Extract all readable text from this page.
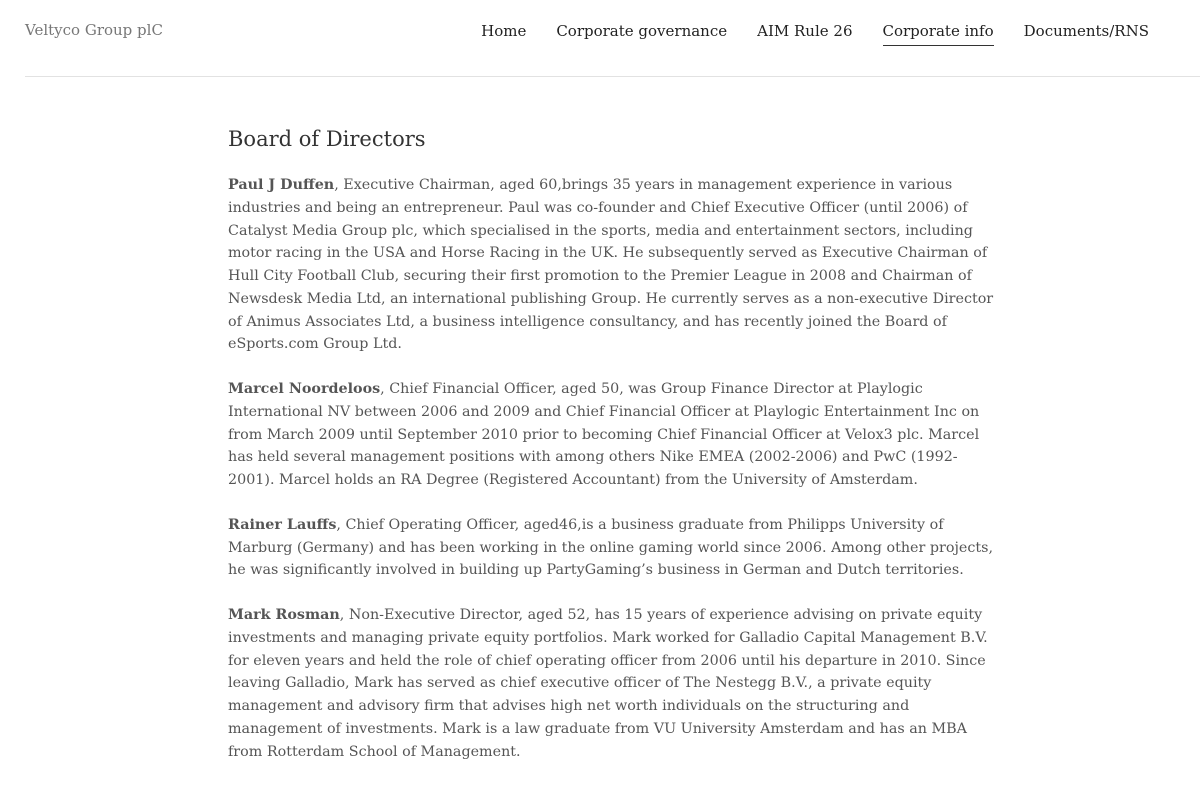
Veltyco Group plC	Home Corporate governance AIM Rule 26 Corporate info Documents/RNS
Board of Directors

Paul J Duffen, Executive Chairman, aged 60,brings 35 years in management experience in various industries and being an entrepreneur. Paul was co-founder and Chief Executive Officer (until 2006) of Catalyst Media Group plc, which specialised in the sports, media and entertainment sectors, including motor racing in the USA and Horse Racing in the UK. He subsequently served as Executive Chairman of Hull City Football Club, securing their first promotion to the Premier League in 2008 and Chairman of Newsdesk Media Ltd, an international publishing Group. He currently serves as a non-executive Director of Animus Associates Ltd, a business intelligence consultancy, and has recently joined the Board of eSports.com Group Ltd.

Marcel Noordeloos, Chief Financial Officer, aged 50, was Group Finance Director at Playlogic International NV between 2006 and 2009 and Chief Financial Officer at Playlogic Entertainment Inc on from March 2009 until September 2010 prior to becoming Chief Financial Officer at Velox3 plc. Marcel has held several management positions with among others Nike EMEA (2002-2006) and PwC (1992-2001). Marcel holds an RA Degree (Registered Accountant) from the University of Amsterdam.

Rainer Lauffs, Chief Operating Officer, aged46,is a business graduate from Philipps University of Marburg (Germany) and has been working in the online gaming world since 2006. Among other projects, he was significantly involved in building up PartyGaming’s business in German and Dutch territories.

Mark Rosman, Non-Executive Director, aged 52, has 15 years of experience advising on private equity investments and managing private equity portfolios. Mark worked for Galladio Capital Management B.V. for eleven years and held the role of chief operating officer from 2006 until his departure in 2010. Since leaving Galladio, Mark has served as chief executive officer of The Nestegg B.V., a private equity management and advisory firm that advises high net worth individuals on the structuring and management of investments. Mark is a law graduate from VU University Amsterdam and has an MBA from Rotterdam School of Management.
